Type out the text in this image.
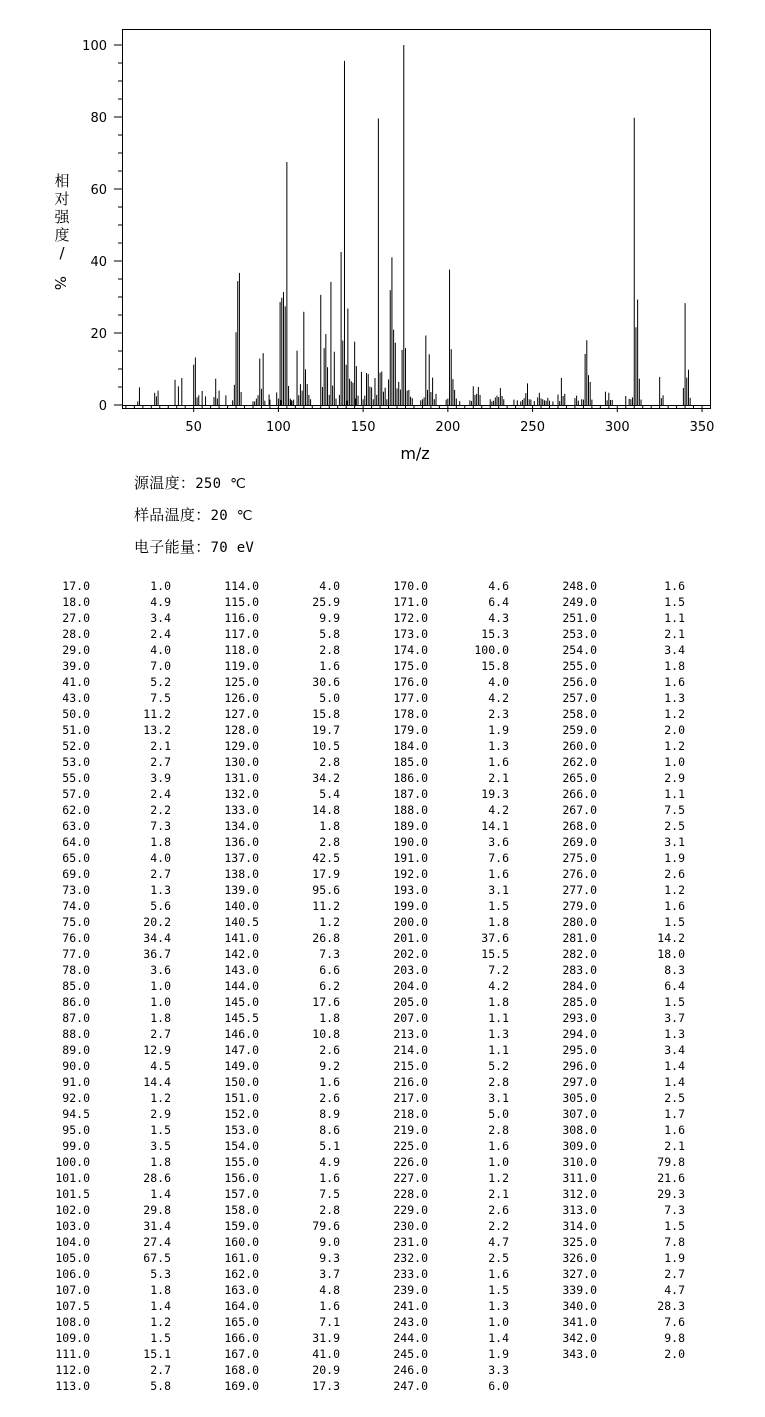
50	100	150	200	250	300	350
0
20
40
60
80
100
m/z
相对强度/ %
源温度：250 ℃
样品温度：20 ℃
电子能量：70 eV
17.0	1.0
18.0	4.9
27.0	3.4
28.0	2.4
29.0	4.0
39.0	7.0
41.0	5.2
43.0	7.5
50.0	11.2
51.0	13.2
52.0	2.1
53.0	2.7
55.0	3.9
57.0	2.4
62.0	2.2
63.0	7.3
64.0	1.8
65.0	4.0
69.0	2.7
73.0	1.3
74.0	5.6
75.0	20.2
76.0	34.4
77.0	36.7
78.0	3.6
85.0	1.0
86.0	1.0
87.0	1.8
88.0	2.7
89.0	12.9
90.0	4.5
91.0	14.4
92.0	1.2
94.5	2.9
95.0	1.5
99.0	3.5
100.0	1.8
101.0	28.6
101.5	1.4
102.0	29.8
103.0	31.4
104.0	27.4
105.0	67.5
106.0	5.3
107.0	1.8
107.5	1.4
108.0	1.2
109.0	1.5
111.0	15.1
112.0	2.7
113.0	5.8
114.0	4.0
115.0	25.9
116.0	9.9
117.0	5.8
118.0	2.8
119.0	1.6
125.0	30.6
126.0	5.0
127.0	15.8
128.0	19.7
129.0	10.5
130.0	2.8
131.0	34.2
132.0	5.4
133.0	14.8
134.0	1.8
136.0	2.8
137.0	42.5
138.0	17.9
139.0	95.6
140.0	11.2
140.5	1.2
141.0	26.8
142.0	7.3
143.0	6.6
144.0	6.2
145.0	17.6
145.5	1.8
146.0	10.8
147.0	2.6
149.0	9.2
150.0	1.6
151.0	2.6
152.0	8.9
153.0	8.6
154.0	5.1
155.0	4.9
156.0	1.6
157.0	7.5
158.0	2.8
159.0	79.6
160.0	9.0
161.0	9.3
162.0	3.7
163.0	4.8
164.0	1.6
165.0	7.1
166.0	31.9
167.0	41.0
168.0	20.9
169.0	17.3
170.0	4.6
171.0	6.4
172.0	4.3
173.0	15.3
174.0	100.0
175.0	15.8
176.0	4.0
177.0	4.2
178.0	2.3
179.0	1.9
184.0	1.3
185.0	1.6
186.0	2.1
187.0	19.3
188.0	4.2
189.0	14.1
190.0	3.6
191.0	7.6
192.0	1.6
193.0	3.1
199.0	1.5
200.0	1.8
201.0	37.6
202.0	15.5
203.0	7.2
204.0	4.2
205.0	1.8
207.0	1.1
213.0	1.3
214.0	1.1
215.0	5.2
216.0	2.8
217.0	3.1
218.0	5.0
219.0	2.8
225.0	1.6
226.0	1.0
227.0	1.2
228.0	2.1
229.0	2.6
230.0	2.2
231.0	4.7
232.0	2.5
233.0	1.6
239.0	1.5
241.0	1.3
243.0	1.0
244.0	1.4
245.0	1.9
246.0	3.3
247.0	6.0
248.0	1.6
249.0	1.5
251.0	1.1
253.0	2.1
254.0	3.4
255.0	1.8
256.0	1.6
257.0	1.3
258.0	1.2
259.0	2.0
260.0	1.2
262.0	1.0
265.0	2.9
266.0	1.1
267.0	7.5
268.0	2.5
269.0	3.1
275.0	1.9
276.0	2.6
277.0	1.2
279.0	1.6
280.0	1.5
281.0	14.2
282.0	18.0
283.0	8.3
284.0	6.4
285.0	1.5
293.0	3.7
294.0	1.3
295.0	3.4
296.0	1.4
297.0	1.4
305.0	2.5
307.0	1.7
308.0	1.6
309.0	2.1
310.0	79.8
311.0	21.6
312.0	29.3
313.0	7.3
314.0	1.5
325.0	7.8
326.0	1.9
327.0	2.7
339.0	4.7
340.0	28.3
341.0	7.6
342.0	9.8
343.0	2.0
